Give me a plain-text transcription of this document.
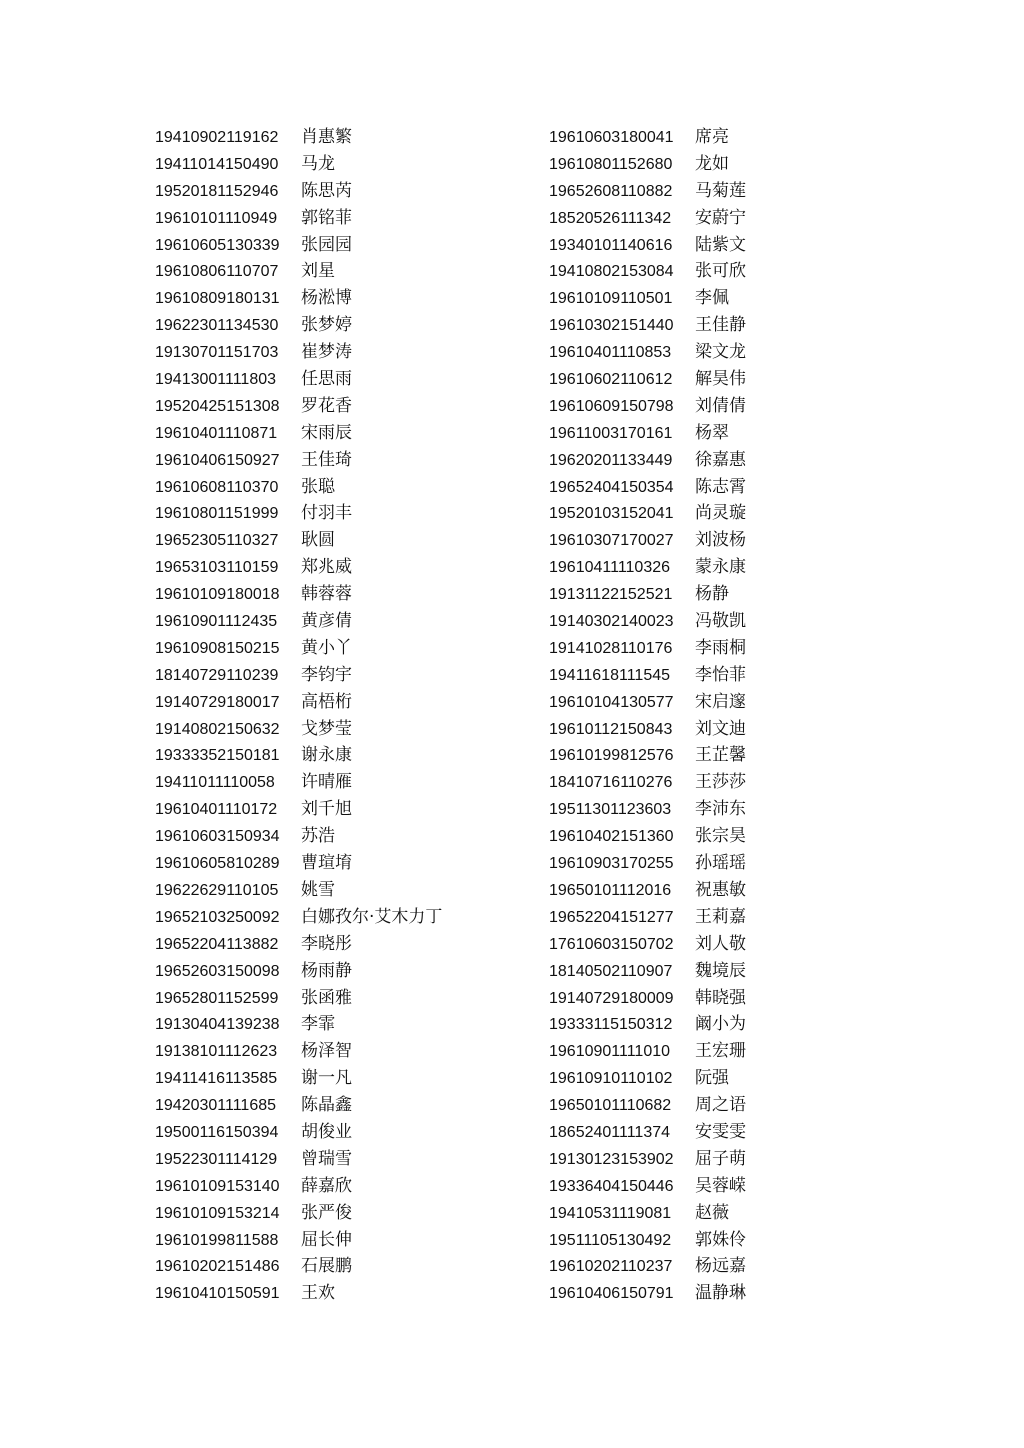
19410902119162 肖惠繁
19411014150490 马龙
19520181152946 陈思芮
19610101110949 郭铭菲
19610605130339 张园园
19610806110707 刘星
19610809180131 杨淞博
19622301134530 张梦婷
19130701151703 崔梦涛
19413001111803 任思雨
19520425151308 罗花香
19610401110871 宋雨辰
19610406150927 王佳琦
19610608110370 张聪
19610801151999 付羽丰
19652305110327 耿圆
19653103110159 郑兆威
19610109180018 韩蓉蓉
19610901112435 黄彦倩
19610908150215 黄小丫
18140729110239 李钧宇
19140729180017 高梧桁
19140802150632 戈梦莹
19333352150181 谢永康
19411011110058 许晴雁
19610401110172 刘千旭
19610603150934 苏浩
19610605810289 曹瑄堉
19622629110105 姚雪
19652103250092 白娜孜尔·艾木力丁
19652204113882 李晓彤
19652603150098 杨雨静
19652801152599 张函雅
19130404139238 李霏
19138101112623 杨泽智
19411416113585 谢一凡
19420301111685 陈晶鑫
19500116150394 胡俊业
19522301114129 曾瑞雪
19610109153140 薛嘉欣
19610109153214 张严俊
19610199811588 屈长伸
19610202151486 石展鹏
19610410150591 王欢
19610603180041 席亮
19610801152680 龙如
19652608110882 马菊莲
18520526111342 安蔚宁
19340101140616 陆紫文
19410802153084 张可欣
19610109110501 李佩
19610302151440 王佳静
19610401110853 梁文龙
19610602110612 解昊伟
19610609150798 刘倩倩
19611003170161 杨翠
19620201133449 徐嘉惠
19652404150354 陈志霄
19520103152041 尚灵璇
19610307170027 刘波杨
19610411110326 蒙永康
19131122152521 杨静
19140302140023 冯敬凯
19141028110176 李雨桐
19411618111545 李怡菲
19610104130577 宋启邃
19610112150843 刘文迪
19610199812576 王芷馨
18410716110276 王莎莎
19511301123603 李沛东
19610402151360 张宗昊
19610903170255 孙瑶瑶
19650101112016 祝惠敏
19652204151277 王莉嘉
17610603150702 刘人敬
18140502110907 魏境辰
19140729180009 韩晓强
19333115150312 阚小为
19610901111010 王宏珊
19610910110102 阮强
19650101110682 周之语
18652401111374 安雯雯
19130123153902 屈子萌
19336404150446 吴蓉嵘
19410531119081 赵薇
19511105130492 郭姝伶
19610202110237 杨远嘉
19610406150791 温静琳
